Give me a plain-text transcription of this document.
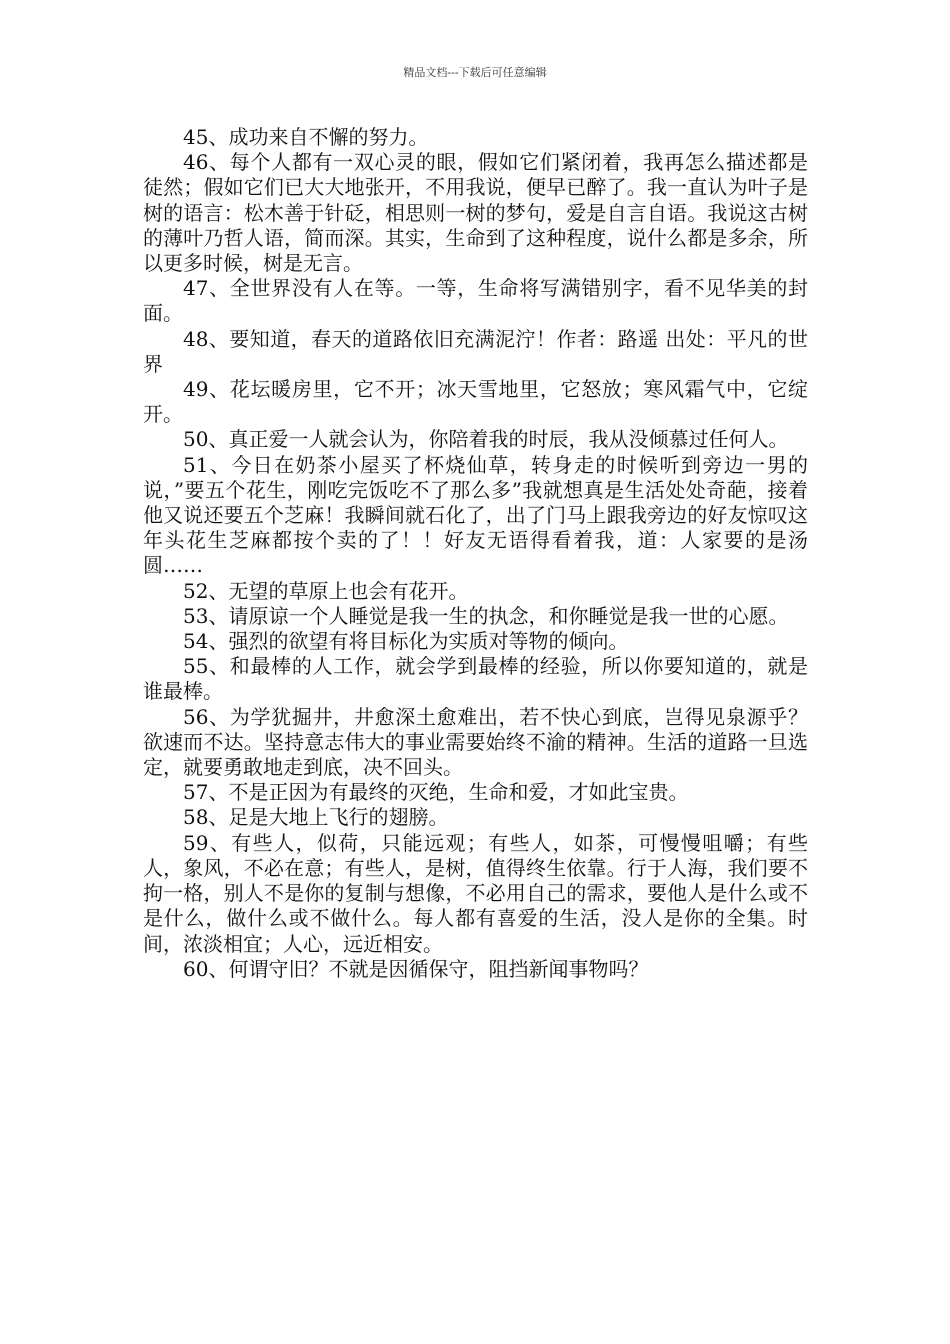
精品文档---下载后可任意编辑

45、成功来自不懈的努力。

46、每个人都有一双心灵的眼，假如它们紧闭着，我再怎么描述都是徒然；假如它们已大大地张开，不用我说，便早已醉了。我一直认为叶子是树的语言：松木善于针砭，相思则一树的梦句，爱是自言自语。我说这古树的薄叶乃哲人语，简而深。其实，生命到了这种程度，说什么都是多余，所以更多时候，树是无言。

47、全世界没有人在等。一等，生命将写满错别字，看不见华美的封面。

48、要知道，春天的道路依旧充满泥泞！作者：路遥 出处：平凡的世界

49、花坛暖房里，它不开；冰天雪地里，它怒放；寒风霜气中，它绽开。

50、真正爱一人就会认为，你陪着我的时辰，我从没倾慕过任何人。

51、今日在奶茶小屋买了杯烧仙草，转身走的时候听到旁边一男的说，”要五个花生，刚吃完饭吃不了那么多”我就想真是生活处处奇葩，接着他又说还要五个芝麻！我瞬间就石化了，出了门马上跟我旁边的好友惊叹这年头花生芝麻都按个卖的了！！好友无语得看着我，道：人家要的是汤圆……

52、无望的草原上也会有花开。

53、请原谅一个人睡觉是我一生的执念，和你睡觉是我一世的心愿。

54、强烈的欲望有将目标化为实质对等物的倾向。

55、和最棒的人工作，就会学到最棒的经验，所以你要知道的，就是谁最棒。

56、为学犹掘井，井愈深土愈难出，若不快心到底，岂得见泉源乎？欲速而不达。坚持意志伟大的事业需要始终不渝的精神。生活的道路一旦选定，就要勇敢地走到底，决不回头。

57、不是正因为有最终的灭绝，生命和爱，才如此宝贵。

58、足是大地上飞行的翅膀。

59、有些人，似荷，只能远观；有些人，如茶，可慢慢咀嚼；有些人，象风，不必在意；有些人，是树，值得终生依靠。行于人海，我们要不拘一格，别人不是你的复制与想像，不必用自己的需求，要他人是什么或不是什么，做什么或不做什么。每人都有喜爱的生活，没人是你的全集。时间，浓淡相宜；人心，远近相安。

60、何谓守旧？不就是因循保守，阻挡新闻事物吗？
